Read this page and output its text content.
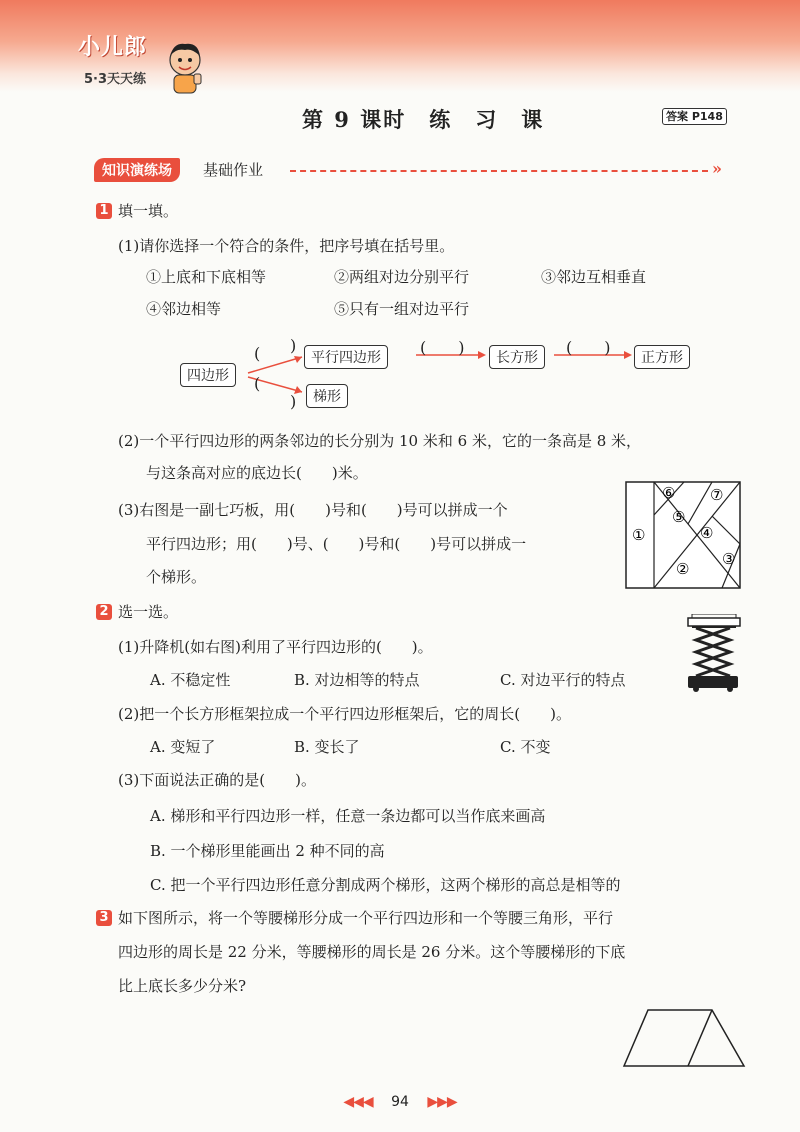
小儿郎
5·3天天练
第 9 课时　练　习　课	答案 P148
知识演练场	基础作业	»
1 填一填。
(1)请你选择一个符合的条件，把序号填在括号里。
①上底和下底相等	②两组对边分别平行	③邻边互相垂直
④邻边相等	⑤只有一组对边平行
四边形
平行四边形	长方形	正方形
梯形
( )
(
)
(　　)	(　　)
(2)一个平行四边形的两条邻边的长分别为 10 米和 6 米，它的一条高是 8 米，
与这条高对应的底边长(　　)米。
(3)右图是一副七巧板，用(　　)号和(　　)号可以拼成一个
平行四边形；用(　　)号、(　　)号和(　　)号可以拼成一
个梯形。
①
⑥ ⑦
⑤
④
②
③
2 选一选。
(1)升降机(如右图)利用了平行四边形的(　　)。
A. 不稳定性	B. 对边相等的特点	C. 对边平行的特点
(2)把一个长方形框架拉成一个平行四边形框架后，它的周长(　　)。
A. 变短了	B. 变长了	C. 不变
(3)下面说法正确的是(　　)。
A. 梯形和平行四边形一样，任意一条边都可以当作底来画高
B. 一个梯形里能画出 2 种不同的高
C. 把一个平行四边形任意分割成两个梯形，这两个梯形的高总是相等的
3 如下图所示，将一个等腰梯形分成一个平行四边形和一个等腰三角形，平行
四边形的周长是 22 分米，等腰梯形的周长是 26 分米。这个等腰梯形的下底
比上底长多少分米?
◀◀◀ 94 ▶▶▶
